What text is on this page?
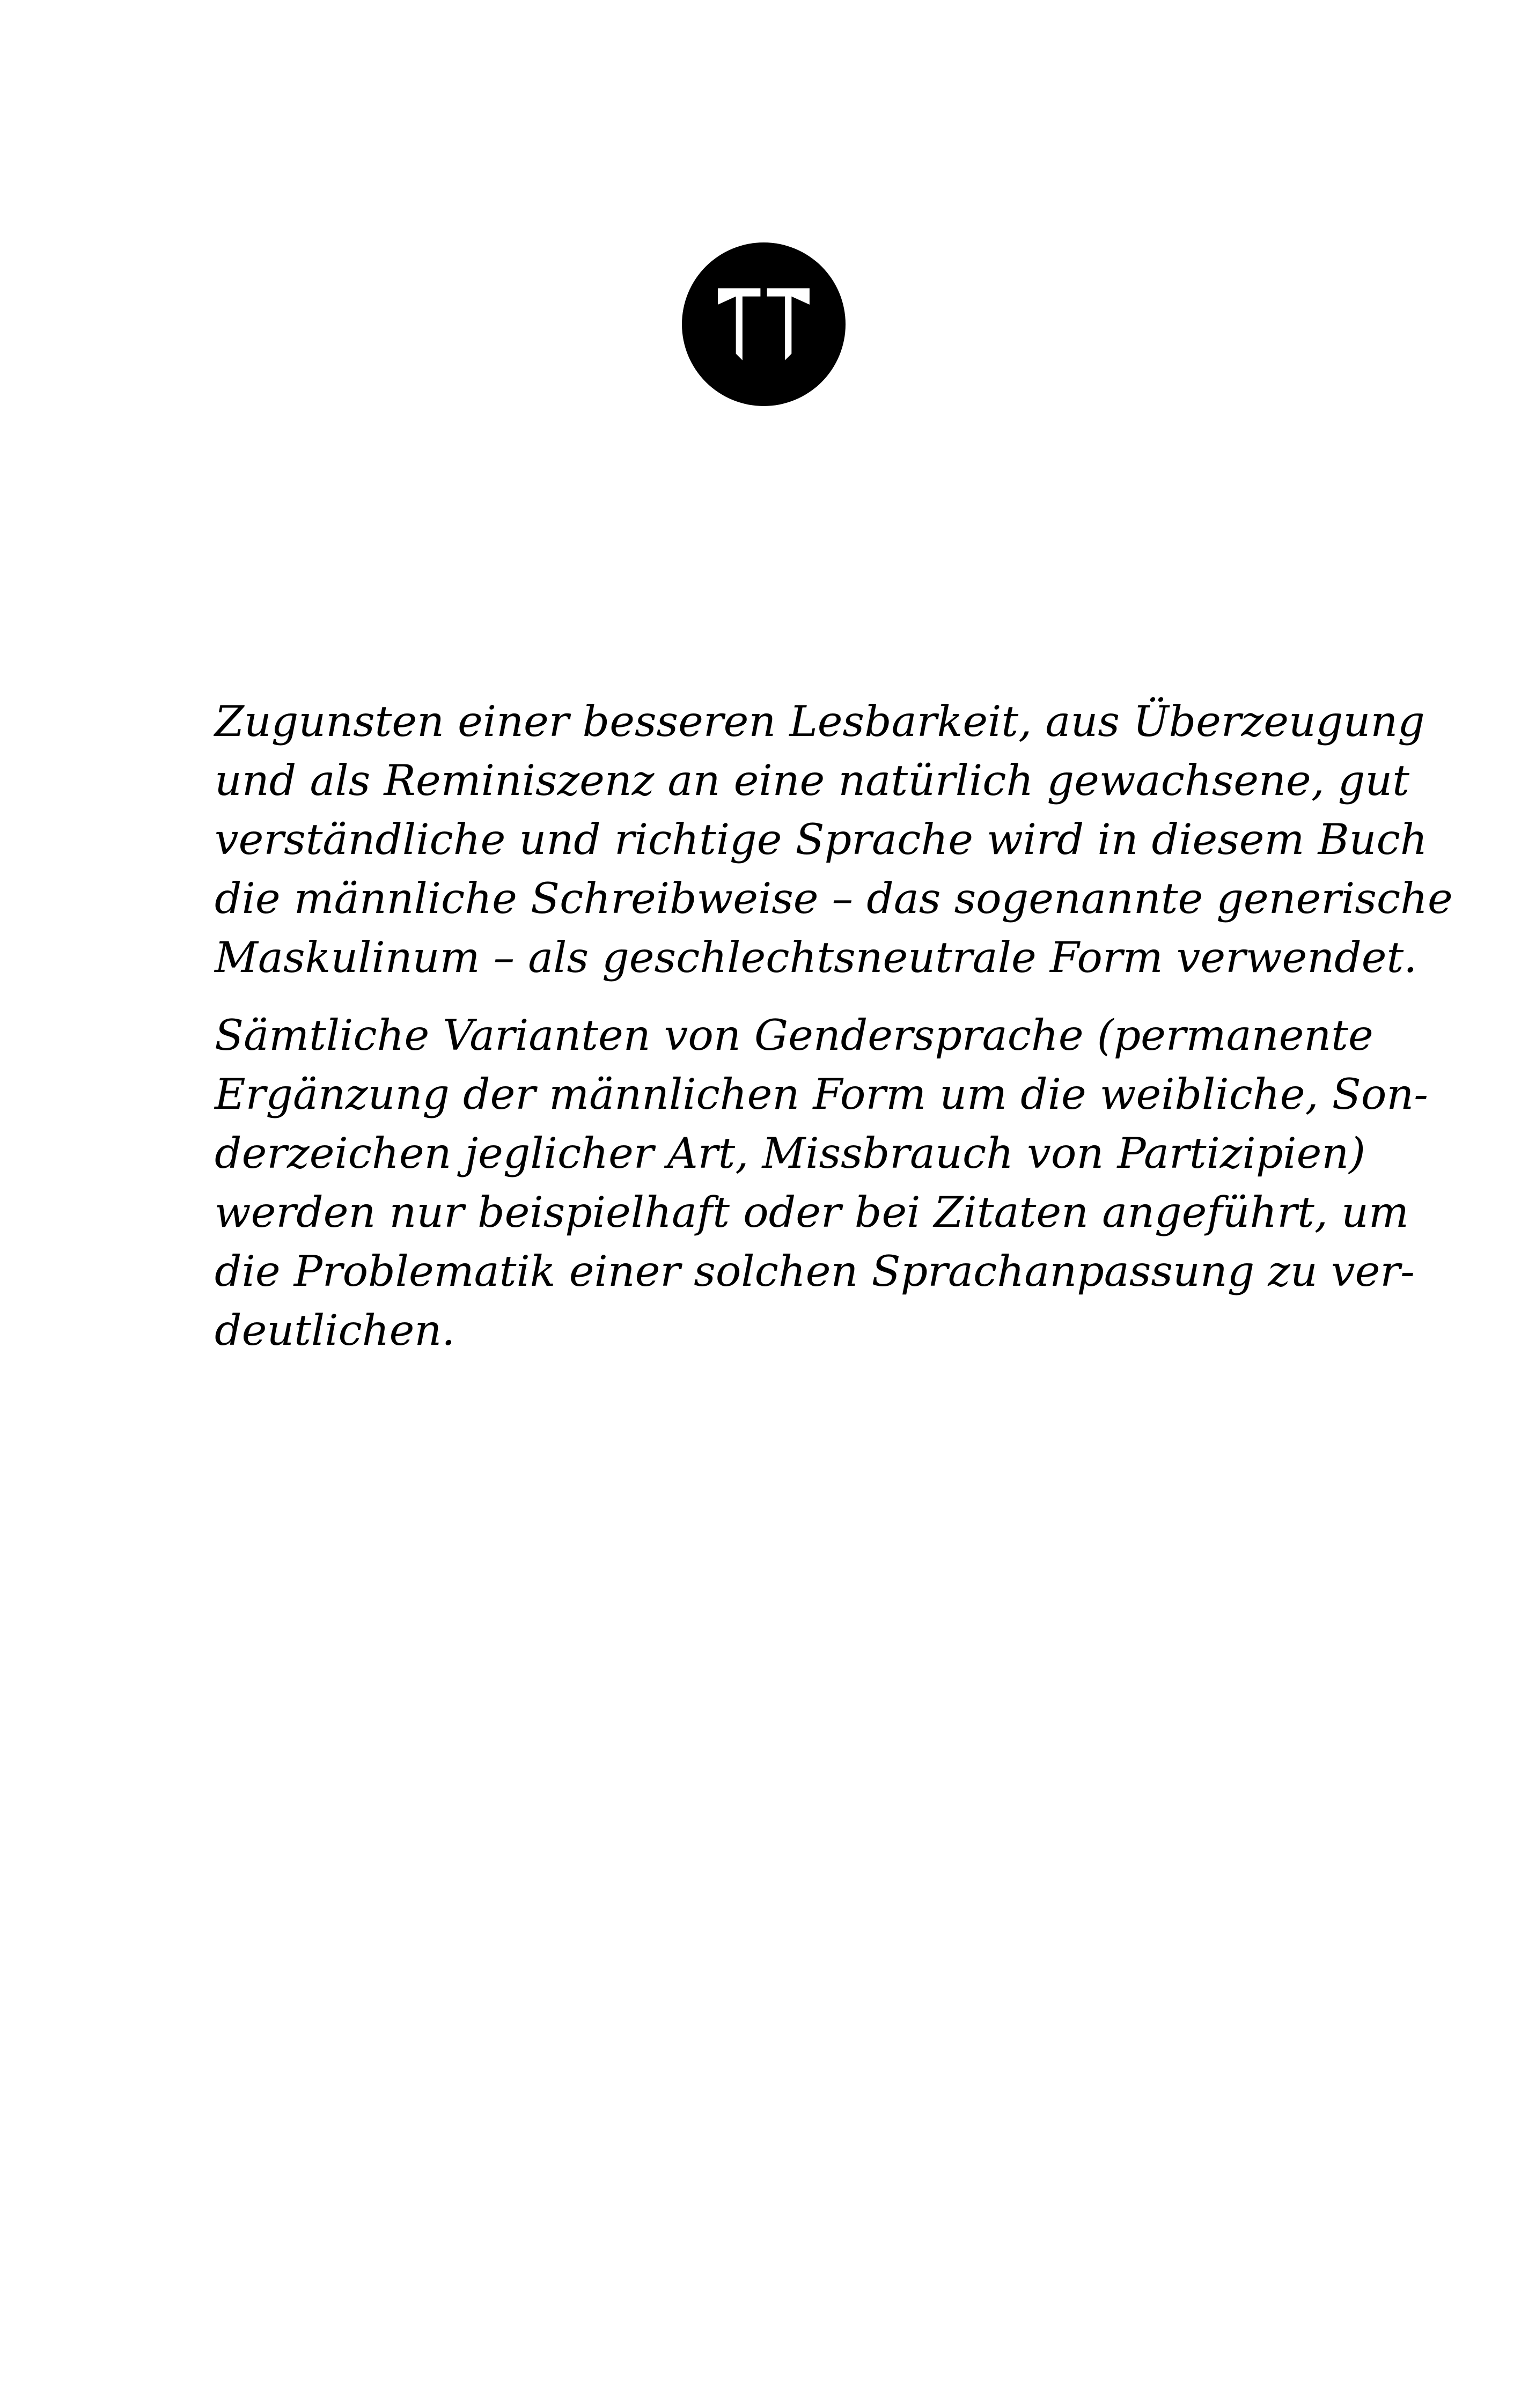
Zugunsten einer besseren Lesbarkeit, aus Überzeugung
und als Reminiszenz an eine natürlich gewachsene, gut
verständliche und richtige Sprache wird in diesem Buch
die männliche Schreibweise – das sogenannte generische
Maskulinum – als geschlechtsneutrale Form verwendet.

Sämtliche Varianten von Gendersprache (permanente
Ergänzung der männlichen Form um die weibliche, Son-
derzeichen jeglicher Art, Missbrauch von Partizipien)
werden nur beispielhaft oder bei Zitaten angeführt, um
die Problematik einer solchen Sprachanpassung zu ver-
deutlichen.
